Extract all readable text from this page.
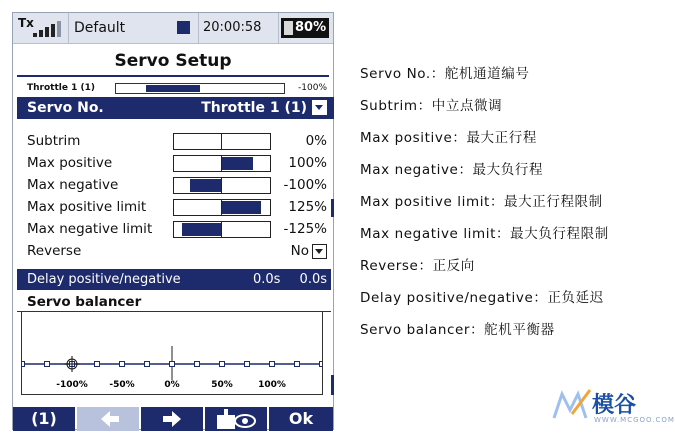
Tx	Default	20:00:58	80%
Servo Setup
Throttle 1 (1)	-100%
Servo No.	Throttle 1 (1)
Subtrim	0%
Max positive	100%
Max negative	-100%
Max positive limit	125%
Max negative limit	-125%
Reverse	No
Delay positive/negative	0.0s 0.0s
Servo balancer
-100% -50%	0%	50%	100%
(1)	Ok
Servo No.：舵机通道编号
Subtrim：中立点微调
Max positive：最大正行程
Max negative：最大负行程
Max positive limit：最大正行程限制
Max negative limit：最大负行程限制
Reverse：正反向
Delay positive/negative：正负延迟
Servo balancer：舵机平衡器
模谷
WWW.MCGOO.COM
